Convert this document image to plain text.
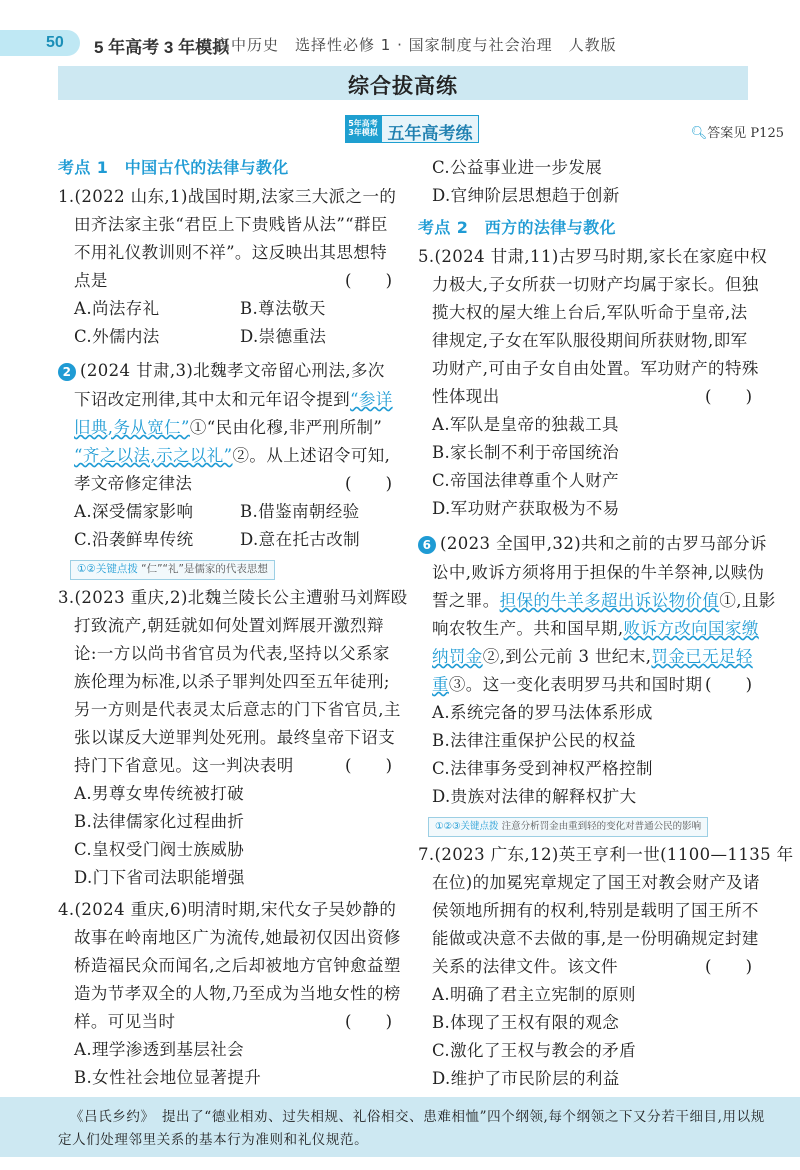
50 5 年高考 3 年模拟
高中历史　选择性必修 1 · 国家制度与社会治理　人教版
综合拔高练
5年高考
3年模拟 五年高考练	🔍︎答案见 P125
考点 1　中国古代的法律与教化
1.(2022 山东,1)战国时期,法家三大派之一的
田齐法家主张“君臣上下贵贱皆从法”“群臣
不用礼仪教训则不祥”。这反映出其思想特
点是	(　　)
A.尚法存礼	B.尊法敬天
C.外儒内法	D.崇德重法
2 (2024 甘肃,3)北魏孝文帝留心刑法,多次
下诏改定刑律,其中太和元年诏令提到“参详
旧典,务从宽仁”①“民由化穆,非严刑所制”
“齐之以法,示之以礼”②。从上述诏令可知,
孝文帝修定律法	(　　)
A.深受儒家影响	B.借鉴南朝经验
C.沿袭鲜卑传统	D.意在托古改制
①②关键点拨 “仁”“礼”是儒家的代表思想
3.(2023 重庆,2)北魏兰陵长公主遭驸马刘辉殴
打致流产,朝廷就如何处置刘辉展开激烈辩
论:一方以尚书省官员为代表,坚持以父系家
族伦理为标准,以杀子罪判处四至五年徒刑;
另一方则是代表灵太后意志的门下省官员,主
张以谋反大逆罪判处死刑。最终皇帝下诏支
持门下省意见。这一判决表明	(　　)
A.男尊女卑传统被打破
B.法律儒家化过程曲折
C.皇权受门阀士族威胁
D.门下省司法职能增强
4.(2024 重庆,6)明清时期,宋代女子吴妙静的
故事在岭南地区广为流传,她最初仅因出资修
桥造福民众而闻名,之后却被地方官钟愈益塑
造为节孝双全的人物,乃至成为当地女性的榜
样。可见当时	(　　)
A.理学渗透到基层社会
B.女性社会地位显著提升
C.公益事业进一步发展
D.官绅阶层思想趋于创新
考点 2　西方的法律与教化
5.(2024 甘肃,11)古罗马时期,家长在家庭中权
力极大,子女所获一切财产均属于家长。但独
揽大权的屋大维上台后,军队听命于皇帝,法
律规定,子女在军队服役期间所获财物,即军
功财产,可由子女自由处置。军功财产的特殊
性体现出	(　　)
A.军队是皇帝的独裁工具
B.家长制不利于帝国统治
C.帝国法律尊重个人财产
D.军功财产获取极为不易
6 (2023 全国甲,32)共和之前的古罗马部分诉
讼中,败诉方须将用于担保的牛羊祭神,以赎伪
誓之罪。担保的牛羊多超出诉讼物价值①,且影
响农牧生产。共和国早期,败诉方改向国家缴
纳罚金②,到公元前 3 世纪末,罚金已无足轻
重③。这一变化表明罗马共和国时期 (　　)
A.系统完备的罗马法体系形成
B.法律注重保护公民的权益
C.法律事务受到神权严格控制
D.贵族对法律的解释权扩大
①②③关键点拨 注意分析罚金由重到轻的变化对普通公民的影响
7.(2023 广东,12)英王亨利一世(1100—1135 年
在位)的加冕宪章规定了国王对教会财产及诸
侯领地所拥有的权利,特别是载明了国王所不
能做或决意不去做的事,是一份明确规定封建
关系的法律文件。该文件	(　　)
A.明确了君主立宪制的原则
B.体现了王权有限的观念
C.激化了王权与教会的矛盾
D.维护了市民阶层的利益
《吕氏乡约》　提出了“德业相劝、过失相规、礼俗相交、患难相恤”四个纲领,每个纲领之下又分若干细目,用以规
定人们处理邻里关系的基本行为准则和礼仪规范。
